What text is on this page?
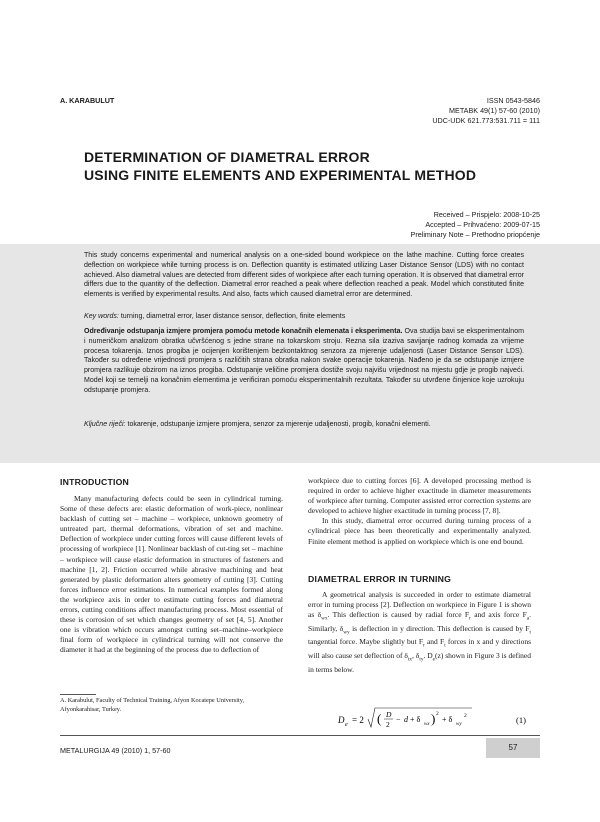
A. KARABULUT	ISSN 0543-5846
METABK 49(1) 57-60 (2010)
UDC-UDK 621.773:531.711 = 111
DETERMINATION OF DIAMETRAL ERROR
USING FINITE ELEMENTS AND EXPERIMENTAL METHOD
Received – Prispjelo: 2008-10-25
Accepted – Prihvaćeno: 2009-07-15
Preliminary Note – Prethodno priopćenje
This study concerns experimental and numerical analysis on a one-sided bound workpiece on the lathe machine. Cutting force creates deflection on workpiece while turning process is on. Deflection quantity is estimated utilizing Laser Distance Sensor (LDS) with no contact achieved. Also diametral values are detected from different sides of workpiece after each turning operation. It is observed that diametral error differs due to the quantity of the deflection. Diametral error reached a peak where deflection reached a peak. Model which constituted finite elements is verified by experimental results. And also, facts which caused diametral error are determined.
Key words: turning, diametral error, laser distance sensor, deflection, finite elements
Određivanje odstupanja izmjere promjera pomoću metode konačnih elemenata i eksperimenta. Ova studija bavi se eksperimentalnom i numeričkom analizom obratka učvršćenog s jedne strane na tokarskom stroju. Rezna sila izaziva savijanje radnog komada za vrijeme procesa tokarenja. Iznos progiba je ocijenjen korištenjem bezkontaktnog senzora za mjerenje udaljenosti (Laser Distance Sensor LDS). Također su određene vrijednosti promjera s različitih strana obratka nakon svake operacije tokarenja. Nađeno je da se odstupanje izmjere promjera razlikuje obzirom na iznos progiba. Odstupanje veličine promjera dostiže svoju najvišu vrijednost na mjestu gdje je progib najveći. Model koji se temelji na konačnim elementima je verificiran pomoću eksperimentalnih rezultata. Također su utvrđene činjenice koje uzrokuju odstupanje promjera.
Ključne riječi: tokarenje, odstupanje izmjere promjera, senzor za mjerenje udaljenosti, progib, konačni elementi.
INTRODUCTION

Many manufacturing defects could be seen in cylindrical turning. Some of these defects are: elastic deformation of work-piece, nonlinear backlash of cutting set – machine – workpiece, unknown geometry of untreated part, thermal deformations, vibration of set and machine. Deflection of workpiece under cutting forces will cause different levels of processing of workpiece [1]. Nonlinear backlash of cut-ting set – machine – workpiece will cause elastic deformation in structures of fasteners and machine [1, 2]. Friction occurred while abrasive machining and heat generated by plastic deformation alters geometry of cutting [3]. Cutting forces influence error estimations. In numerical examples formed along the workpiece axis in order to estimate cutting forces and diametral errors, cutting conditions affect manufacturing process. Most essential of these is corrosion of set which changes geometry of set [4, 5]. Another one is vibration which occurs amongst cutting set–machine–workpiece final form of workpiece in cylindrical turning will not conserve the diameter it had at the beginning of the process due to deflection of

workpiece due to cutting forces [6]. A developed processing method is required in order to achieve higher exactitude in diameter measurements of workpiece after turning. Computer assisted error correction systems are developed to achieve higher exactitude in turning process [7, 8].

In this study, diametral error occurred during turning process of a cylindrical piece has been theoretically and experimentally analyzed. Finite element method is applied on workpiece which is one end bound.

DIAMETRAL ERROR IN TURNING

A geometrical analysis is succeeded in order to estimate diametral error in turning process [2]. Deflection on workpiece in Figure 1 is shown as $\delta_{wx}$. This deflection is caused by radial force $F_r$ and axis force $F_a$. Similarly, $\delta_{wy}$ is deflection in y direction. This deflection is caused by $F_t$ tangential force. Maybe slightly but $F_r$ and $F_t$ forces in x and y directions will also cause set deflection of $\delta_{tx}$, $\delta_{ty}$. $D_e(z)$ shown in Figure 3 is defined in terms below.

D e = 2 ( D
2
− d + δ
wx ) 2
+ δ
wy
2	(1)
A. Karabulut, Faculty of Technical Training, Afyon Kocatepe University, Afyonkarahisar, Turkey.
METALURGIJA 49 (2010) 1, 57-60	57
